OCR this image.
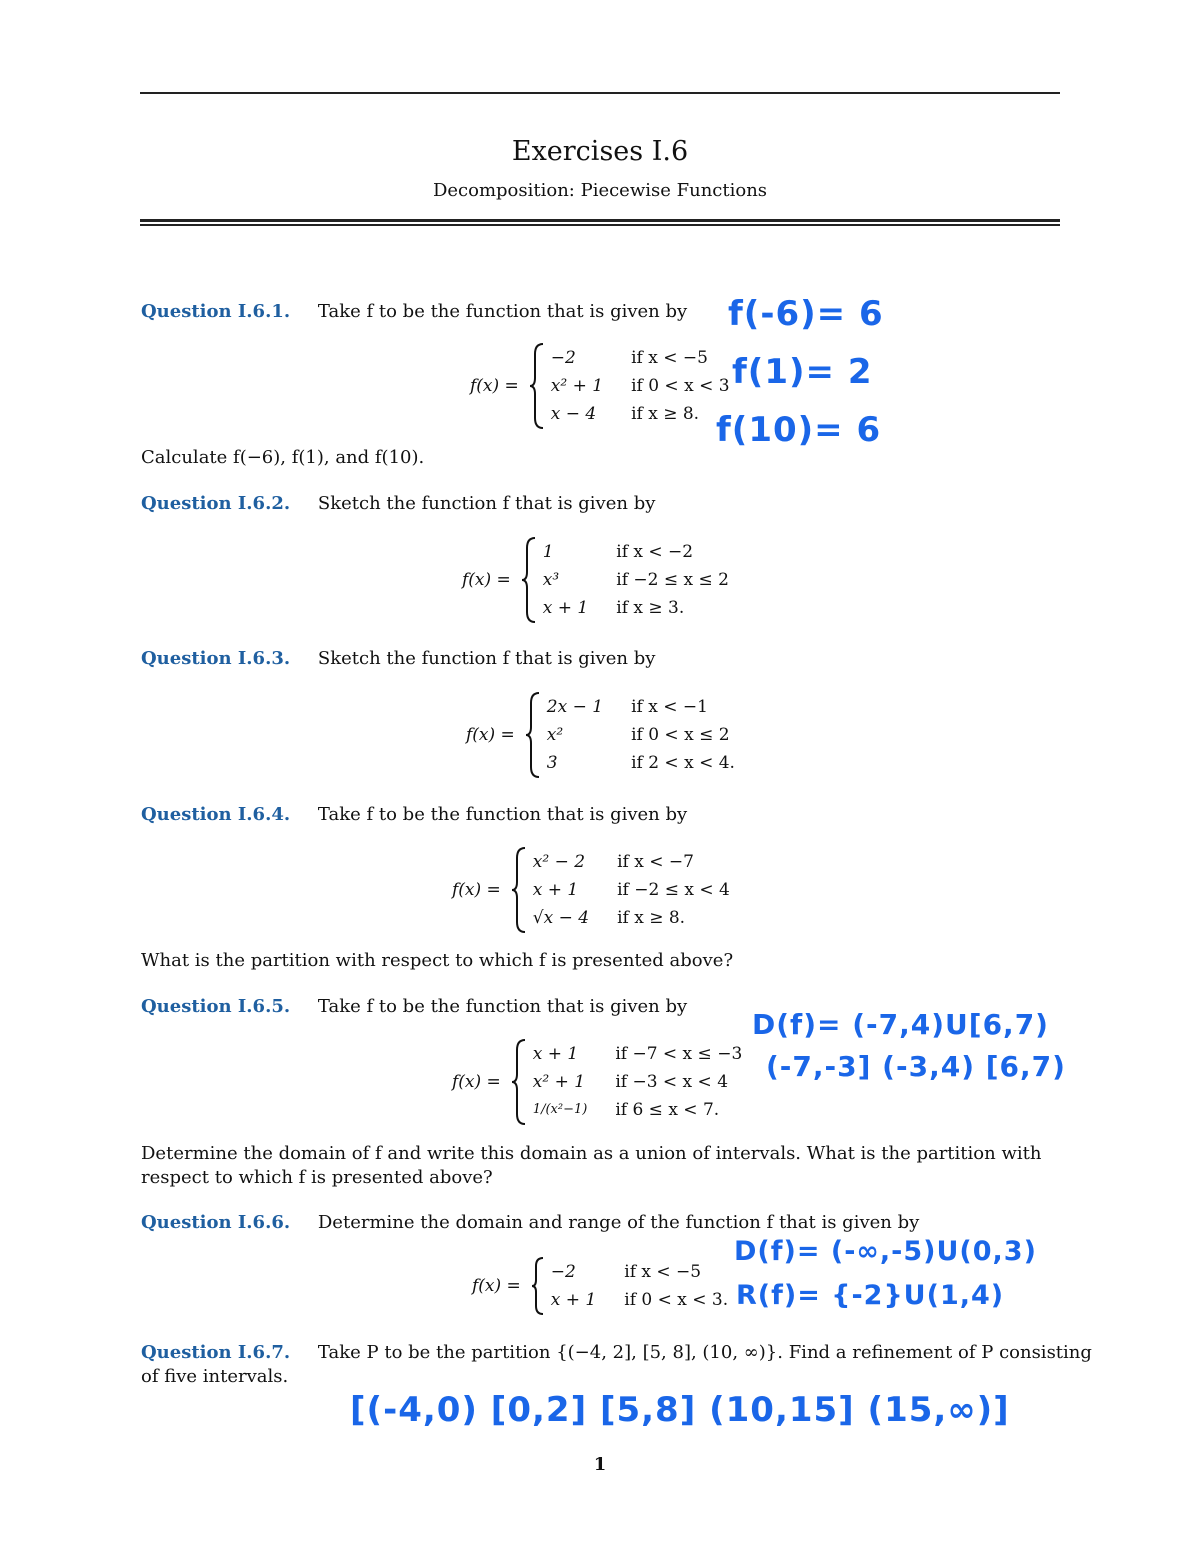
Exercises I.6
Decomposition: Piecewise Functions
Question I.6.1. Take f to be the function that is given by
f(x) =
−2	if x < −5
x² + 1 if 0 < x < 3
x − 4	if x ≥ 8.
Calculate f(−6), f(1), and f(10).
Question I.6.2. Sketch the function f that is given by
f(x) =
1	if x < −2
x³	if −2 ≤ x ≤ 2
x + 1 if x ≥ 3.
Question I.6.3. Sketch the function f that is given by
f(x) =
2x − 1 if x < −1
x²	if 0 < x ≤ 2
3	if 2 < x < 4.
Question I.6.4. Take f to be the function that is given by
f(x) =
x² − 2 if x < −7
x + 1	if −2 ≤ x < 4
√x − 4 if x ≥ 8.
What is the partition with respect to which f is presented above?
Question I.6.5. Take f to be the function that is given by
f(x) =
x + 1	if −7 < x ≤ −3
x² + 1 if −3 < x < 4
1/(x²−1) if 6 ≤ x < 7.
Determine the domain of f and write this domain as a union of intervals. What is the partition with respect to which f is presented above?
Question I.6.6. Determine the domain and range of the function f that is given by
f(x) =
−2	if x < −5
x + 1 if 0 < x < 3.
Question I.6.7. Take P to be the partition {(−4, 2], [5, 8], (10, ∞)}. Find a refinement of P consisting
of five intervals.
f(-6)= 6
f(1)= 2
f(10)= 6
D(f)= (-7,4)U[6,7)
(-7,-3] (-3,4) [6,7)
D(f)= (-∞,-5)U(0,3)
R(f)= {-2}U(1,4)
[(-4,0) [0,2] [5,8] (10,15] (15,∞)]
1
